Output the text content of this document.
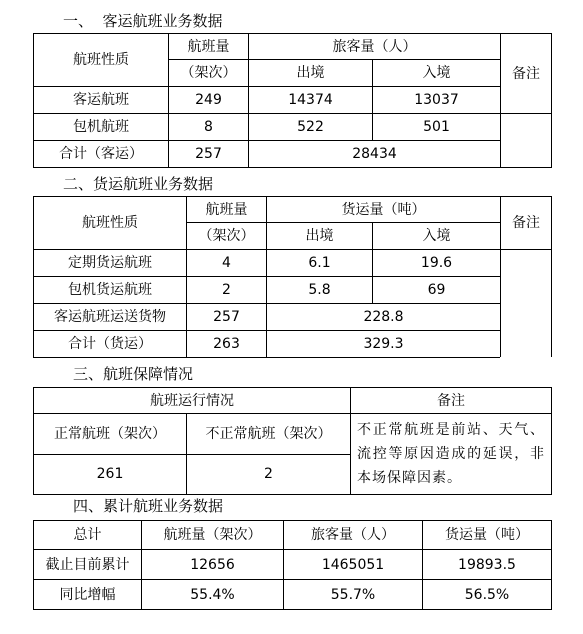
一、  客运航班业务数据
航班性质	航班量	旅客量（人）		备注
	（架次）	出境	入境	
客运航班	249	14374	13037	
包机航班	8	522	501	
合计（客运）	257	28434		
二、货运航班业务数据
航班性质	航班量	货运量（吨）		备注
	（架次）	出境	入境	
定期货运航班	4	6.1	19.6	
包机货运航班	2	5.8	69	
客运航班运送货物	257	228.8		
合计（货运）	263	329.3		
三、航班保障情况
航班运行情况		备注
正常航班（架次）	不正常航班（架次）	不正常航班是前站、天气、流控等原因造成的延误，非本场保障因素。
261	2	
四、累计航班业务数据
总计	航班量（架次）	旅客量（人）	货运量（吨）
截止目前累计	12656	1465051	19893.5
同比增幅	55.4%	55.7%	56.5%
